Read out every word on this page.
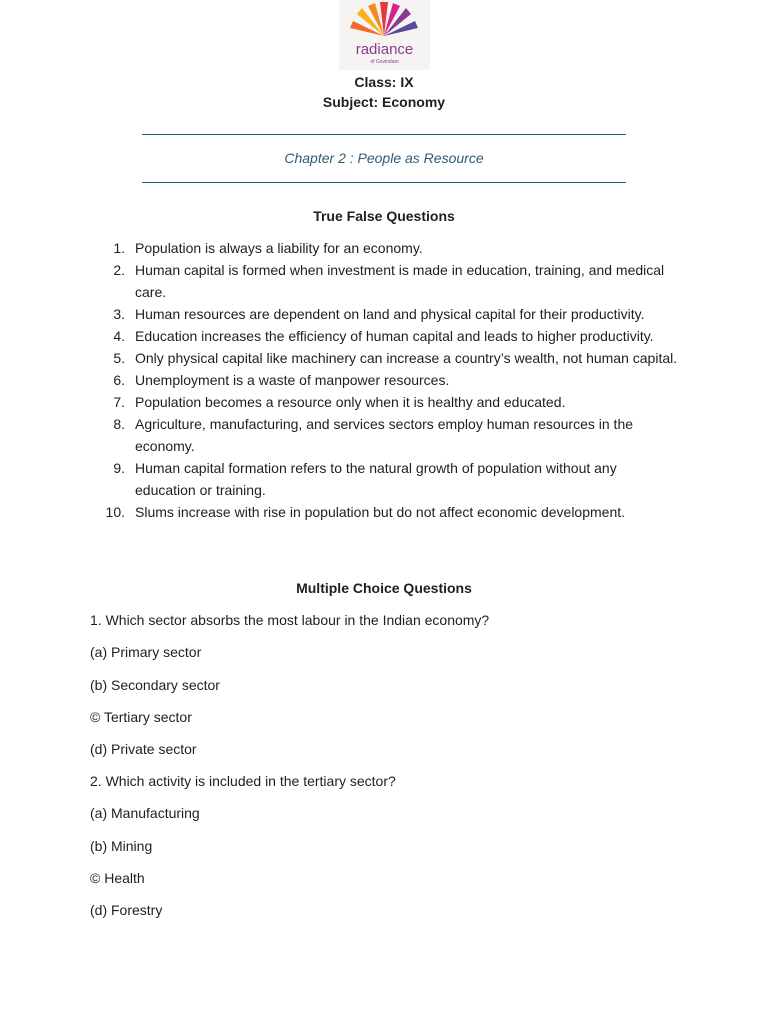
radiance
of Govindam
Class: IX
Subject: Economy
Chapter 2 : People as Resource
True False Questions
1. Population is always a liability for an economy.
2. Human capital is formed when investment is made in education, training, and medical care.
3. Human resources are dependent on land and physical capital for their productivity.
4. Education increases the efficiency of human capital and leads to higher productivity.
5. Only physical capital like machinery can increase a country’s wealth, not human capital.
6. Unemployment is a waste of manpower resources.
7. Population becomes a resource only when it is healthy and educated.
8. Agriculture, manufacturing, and services sectors employ human resources in the economy.
9. Human capital formation refers to the natural growth of population without any education or training.
10. Slums increase with rise in population but do not affect economic development.
Multiple Choice Questions
1. Which sector absorbs the most labour in the Indian economy?
(a) Primary sector
(b) Secondary sector
© Tertiary sector
(d) Private sector
2. Which activity is included in the tertiary sector?
(a) Manufacturing
(b) Mining
© Health
(d) Forestry
